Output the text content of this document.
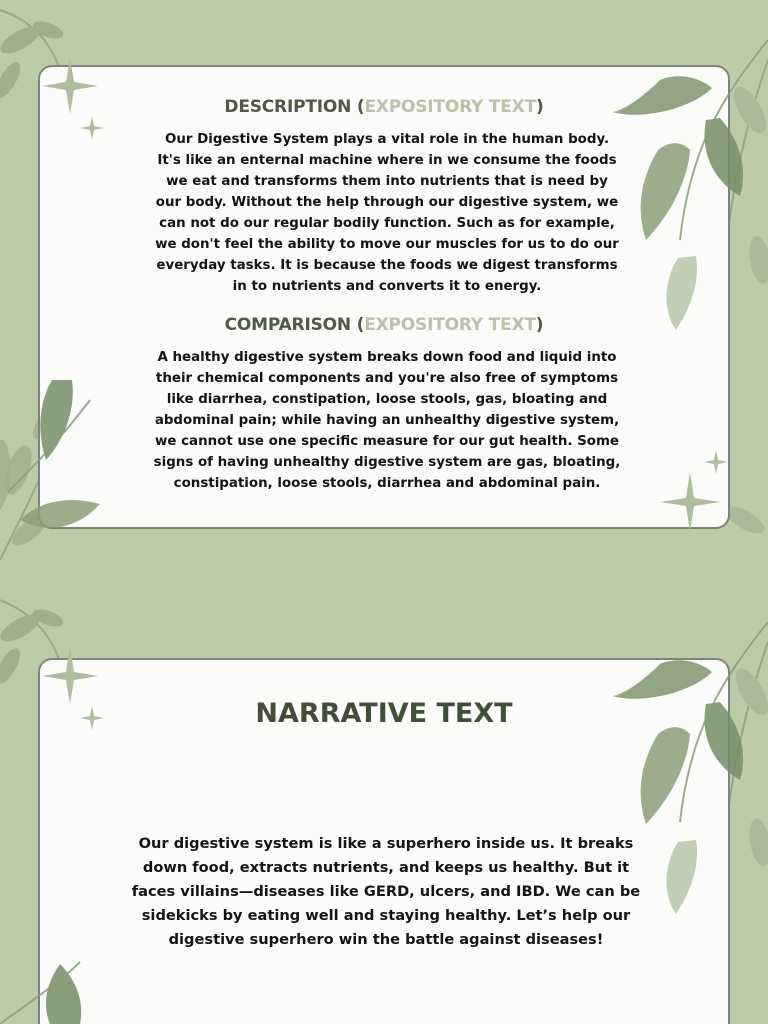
DESCRIPTION (EXPOSITORY TEXT)

Our Digestive System plays a vital role in the human body. It's like an enternal machine where in we consume the foods we eat and transforms them into nutrients that is need by our body. Without the help through our digestive system, we can not do our regular bodily function. Such as for example, we don't feel the ability to move our muscles for us to do our everyday tasks. It is because the foods we digest transforms in to nutrients and converts it to energy.

COMPARISON (EXPOSITORY TEXT)

A healthy digestive system breaks down food and liquid into their chemical components and you're also free of symptoms like diarrhea, constipation, loose stools, gas, bloating and abdominal pain; while having an unhealthy digestive system, we cannot use one specific measure for our gut health. Some signs of having unhealthy digestive system are gas, bloating, constipation, loose stools, diarrhea and abdominal pain.

NARRATIVE TEXT

Our digestive system is like a superhero inside us. It breaks down food, extracts nutrients, and keeps us healthy. But it faces villains—diseases like GERD, ulcers, and IBD. We can be sidekicks by eating well and staying healthy. Let’s help our digestive superhero win the battle against diseases!
